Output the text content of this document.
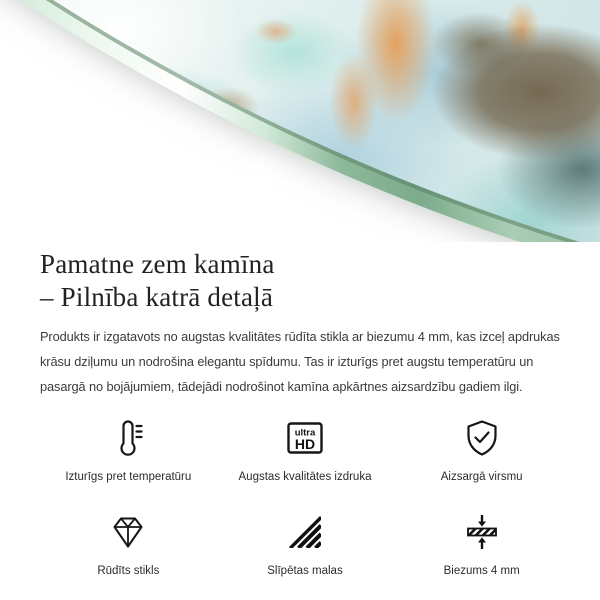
Pamatne zem kamīna
– Pilnība katrā detaļā

Produkts ir izgatavots no augstas kvalitātes rūdīta stikla ar biezumu 4 mm, kas izceļ apdrukas krāsu dziļumu un nodrošina elegantu spīdumu. Tas ir izturīgs pret augstu temperatūru un pasargā no bojājumiem, tādejādi nodrošinot kamīna apkārtnes aizsardzību gadiem ilgi.

Izturīgs pret temperatūru
ultra
HD
Augstas kvalitātes izdruka	Aizsargā virsmu
Rūdīts stikls	Slīpētas malas	Biezums 4 mm
